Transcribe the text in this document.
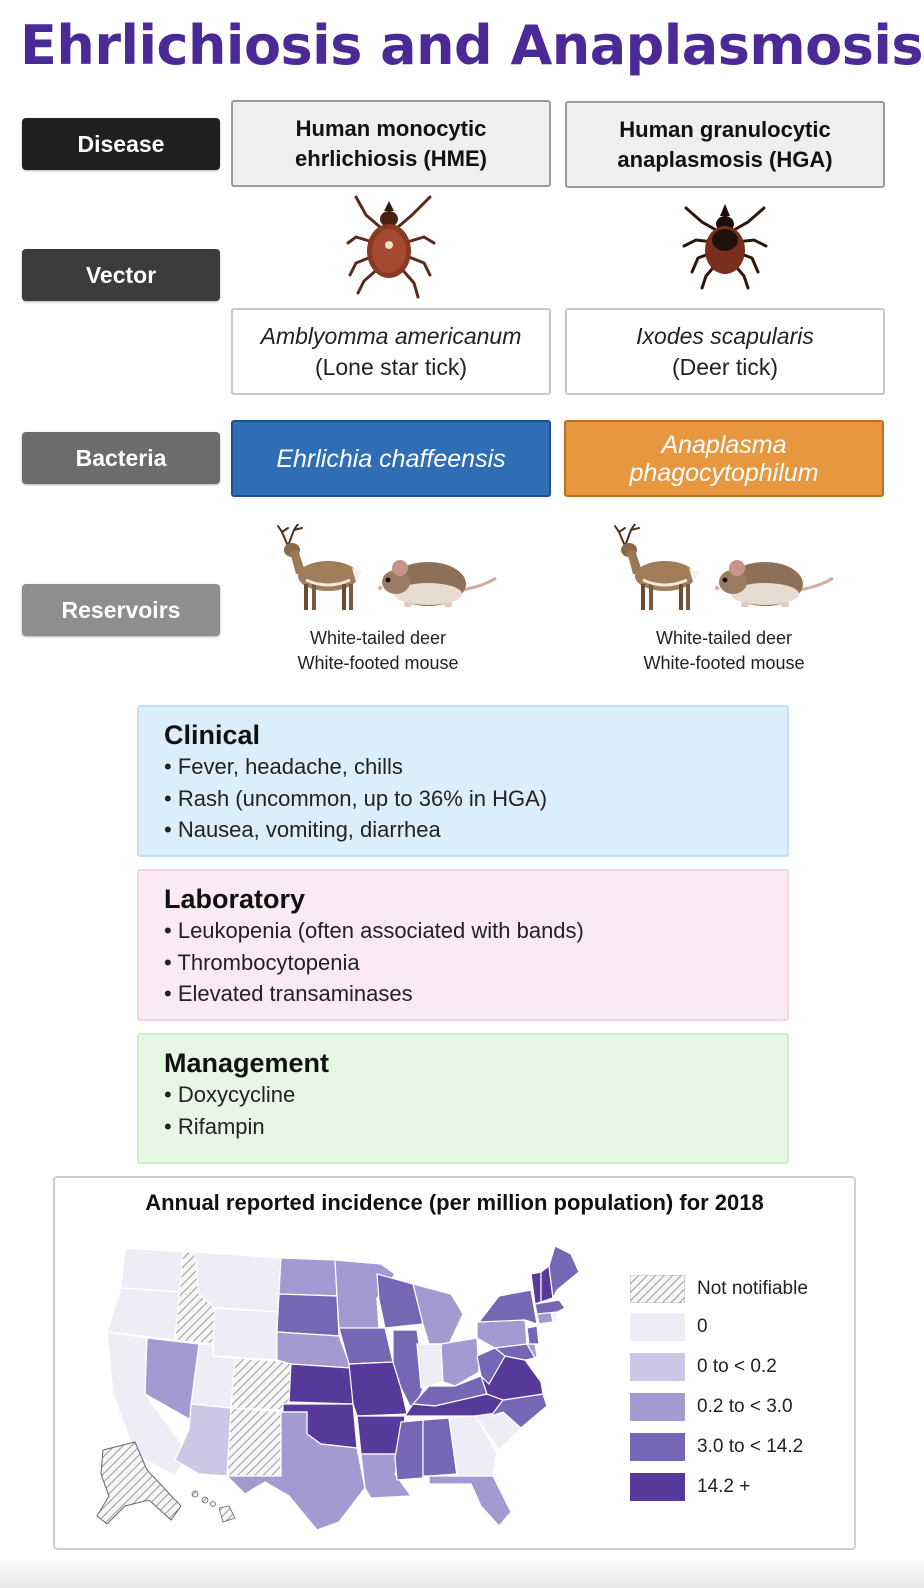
Ehrlichiosis and Anaplasmosis
Disease
Vector
Bacteria
Reservoirs
Human monocytic
ehrlichiosis (HME)
Human granulocytic
anaplasmosis (HGA)
Amblyomma americanum
(Lone star tick)
Ixodes scapularis
(Deer tick)
Ehrlichia chaffeensis	Anaplasma
phagocytophilum
White-tailed deer
White-footed mouse
White-tailed deer
White-footed mouse
Clinical
• Fever, headache, chills
• Rash (uncommon, up to 36% in HGA)
• Nausea, vomiting, diarrhea
Laboratory
• Leukopenia (often associated with bands)
• Thrombocytopenia
• Elevated transaminases
Management
• Doxycycline
• Rifampin
Annual reported incidence (per million population) for 2018
Not notifiable
0
0 to < 0.2
0.2 to < 3.0
3.0 to < 14.2
14.2 +
